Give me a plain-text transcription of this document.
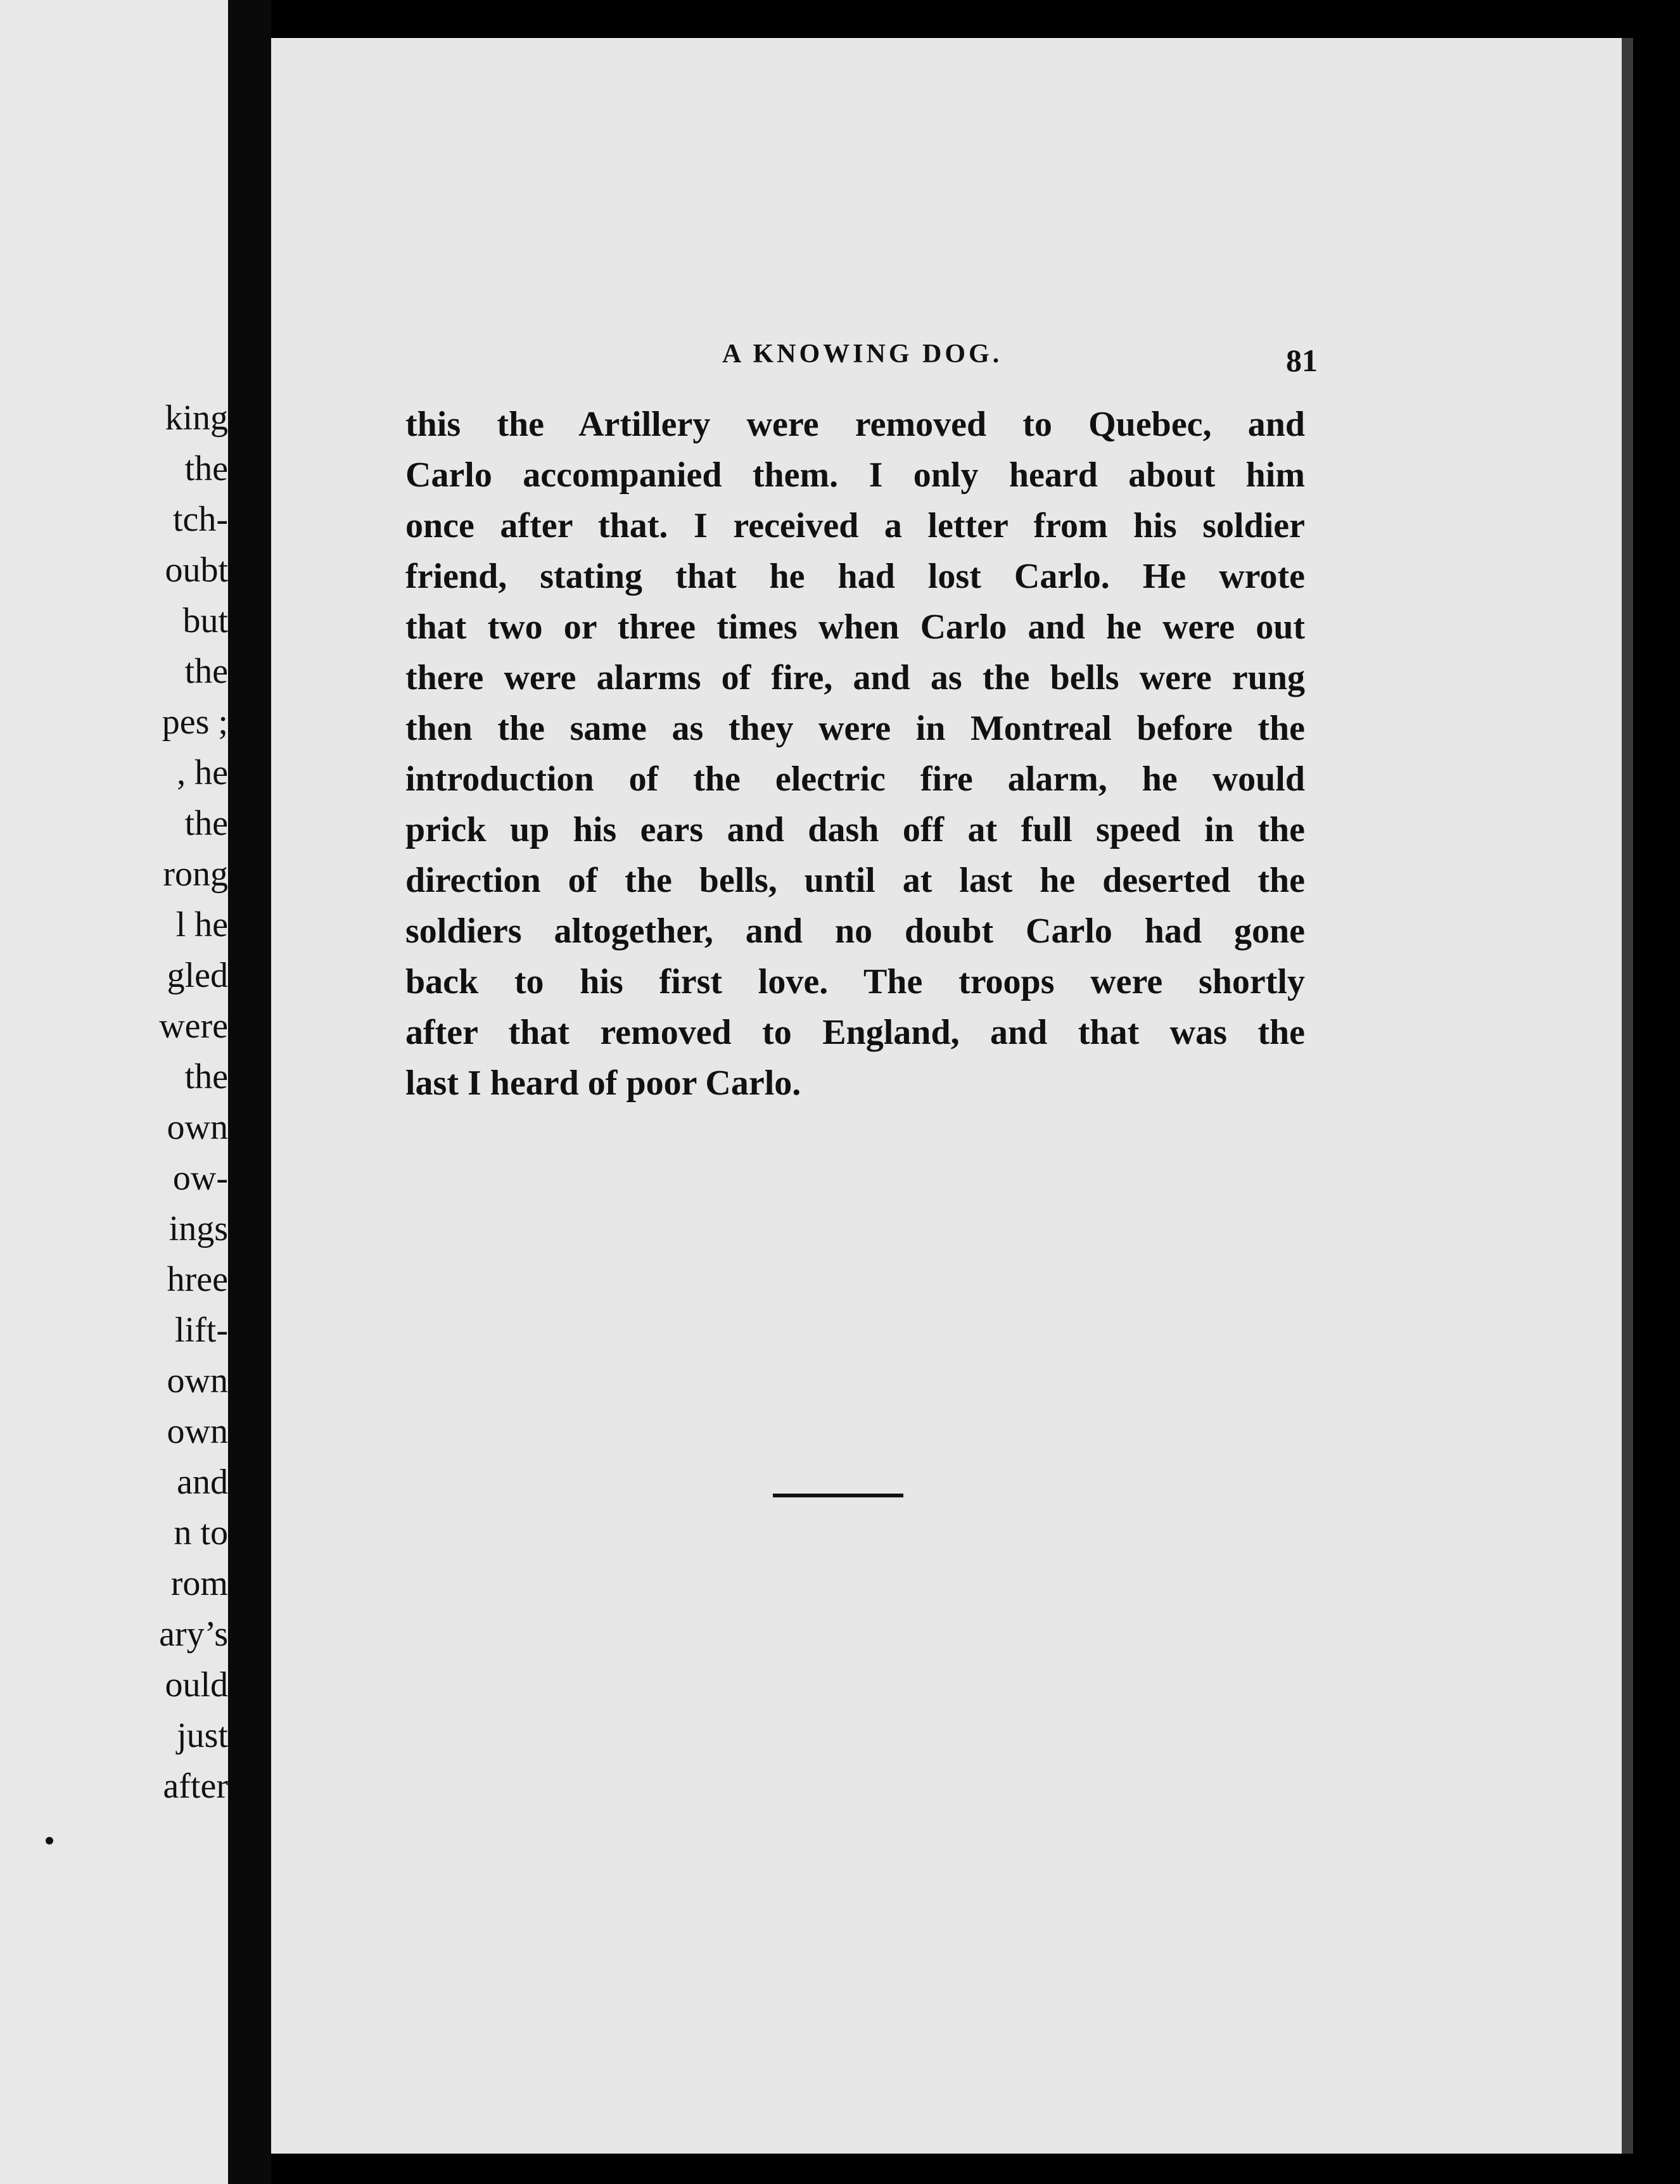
king
the
tch-
oubt
but
the
pes ;
, he
the
rong
l he
gled
were
the
own
ow-
ings
hree
lift-
own
own
and
n to
rom
ary’s
ould
just
after
A KNOWING DOG.	81
this the Artillery were removed to Quebec, and
Carlo accompanied them. I only heard about him
once after that. I received a letter from his soldier
friend, stating that he had lost Carlo. He wrote
that two or three times when Carlo and he were out
there were alarms of fire, and as the bells were rung
then the same as they were in Montreal before the
introduction of the electric fire alarm, he would
prick up his ears and dash off at full speed in the
direction of the bells, until at last he deserted the
soldiers altogether, and no doubt Carlo had gone
back to his first love. The troops were shortly
after that removed to England, and that was the
last I heard of poor Carlo.
